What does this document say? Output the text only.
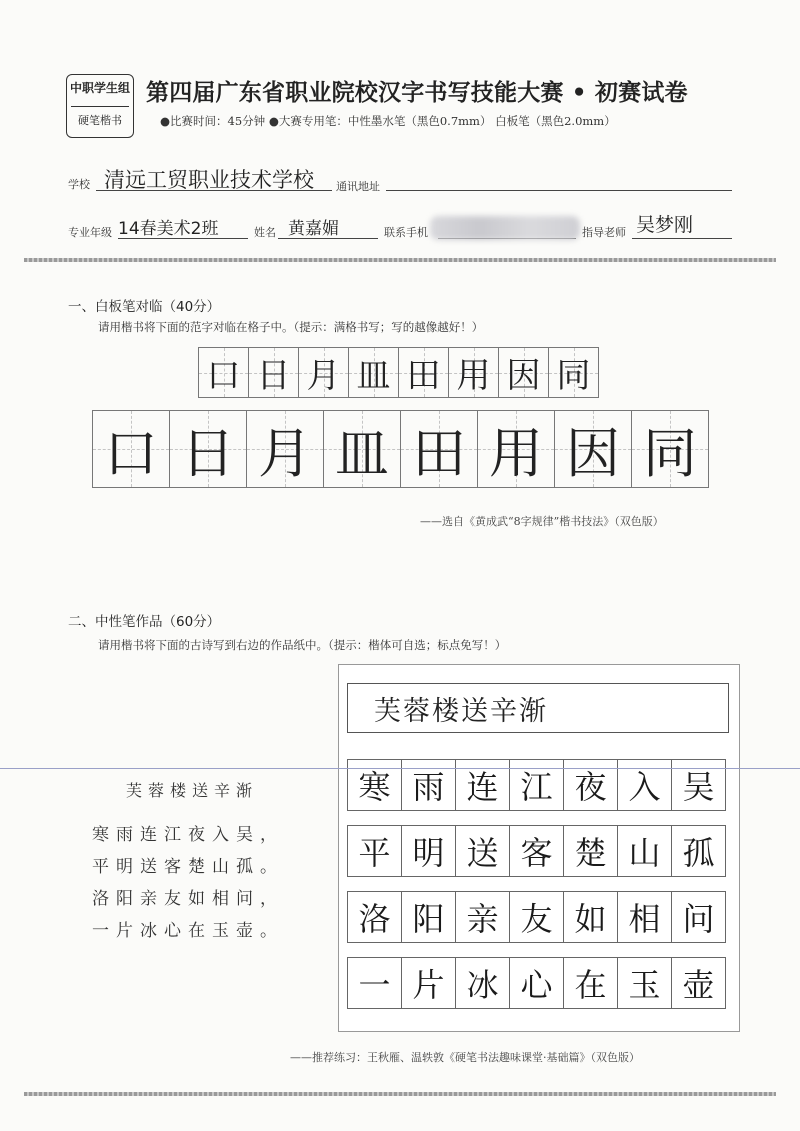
中职学生组
硬笔楷书
第四届广东省职业院校汉字书写技能大赛 • 初赛试卷
●比赛时间：45分钟 ●大赛专用笔：中性墨水笔（黑色0.7mm） 白板笔（黑色2.0mm）
学校 清远工贸职业技术学校 通讯地址
专业年级 14春美术2班	姓名 黄嘉媚	联系手机	指导老师 吴梦刚
一、白板笔对临（40分）
请用楷书将下面的范字对临在格子中。（提示：满格书写；写的越像越好！）
口 日 月 皿 田 用 因 同
口 日 月 皿 田 用 因 同
——选自《黄成武“8字规律”楷书技法》（双色版）
二、中性笔作品（60分）
请用楷书将下面的古诗写到右边的作品纸中。（提示：楷体可自选；标点免写！）
芙蓉楼送辛渐
寒雨连江夜入吴，
平明送客楚山孤。
洛阳亲友如相问，
一片冰心在玉壶。
芙蓉楼送辛渐
寒 雨 连 江 夜 入 吴
平 明 送 客 楚 山 孤
洛 阳 亲 友 如 相 问
一 片 冰 心 在 玉 壶
——推荐练习：王秋雁、温轶敦《硬笔书法趣味课堂·基础篇》（双色版）
